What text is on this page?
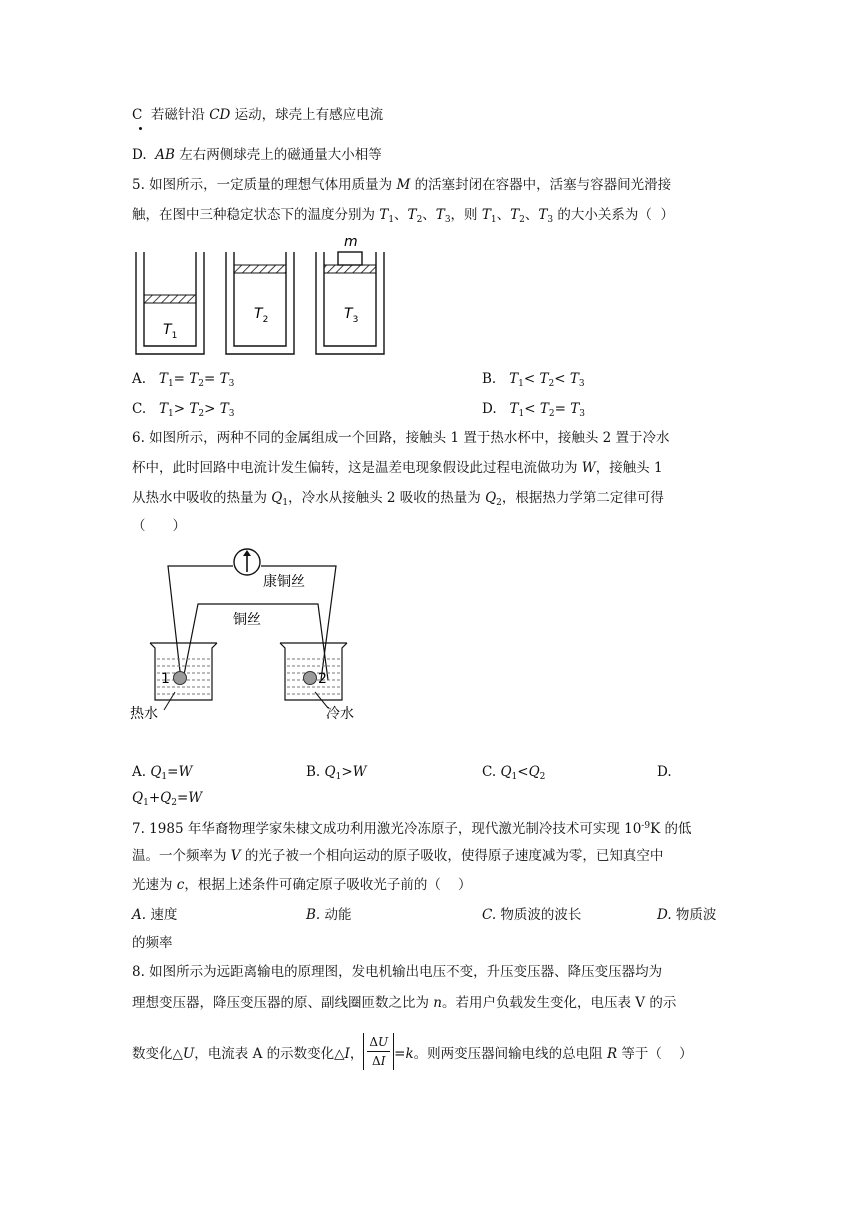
C  若磁针沿 CD 运动，球壳上有感应电流
D. AB 左右两侧球壳上的磁通量大小相等
5. 如图所示，一定质量的理想气体用质量为 M 的活塞封闭在容器中，活塞与容器间光滑接
触，在图中三种稳定状态下的温度分别为 $T_1$、$T_2$、$T_3$，则 $T_1$、$T_2$、$T_3$ 的大小关系为（  ）
m
$T_1$
$T_2$	$T_3$
A.   $T_1= T_2= T_3$	B.   $T_1< T_2< T_3$
C.   $T_1> T_2> T_3$	D.   $T_1< T_2= T_3$
6. 如图所示，两种不同的金属组成一个回路，接触头 1 置于热水杯中，接触头 2 置于冷水
杯中，此时回路中电流计发生偏转，这是温差电现象假设此过程电流做功为 W，接触头 1
从热水中吸收的热量为 $Q_1$，冷水从接触头 2 吸收的热量为 $Q_2$，根据热力学第二定律可得
（　　）
康铜丝
铜丝
1
热水
2
冷水
A. $Q_1=W$	B. $Q_1>W$	C. $Q_1<Q_2$	D.
$Q_1+Q_2=W$
7. 1985 年华裔物理学家朱棣文成功利用激光冷冻原子，现代激光制冷技术可实现 $10^{-9}K$ 的低
温。一个频率为 V 的光子被一个相向运动的原子吸收，使得原子速度减为零，已知真空中
光速为 c，根据上述条件可确定原子吸收光子前的（    ）
A. 速度	B. 动能	C. 物质波的波长	D. 物质波
的频率
8. 如图所示为远距离输电的原理图，发电机输出电压不变，升压变压器、降压变压器均为
理想变压器，降压变压器的原、副线圈匝数之比为 n。若用户负载发生变化，电压表 V 的示
数变化△U，电流表 A 的示数变化△I， $\frac{\Delta U}{\Delta I} =k$。则两变压器间输电线的总电阻 R 等于（    ）
